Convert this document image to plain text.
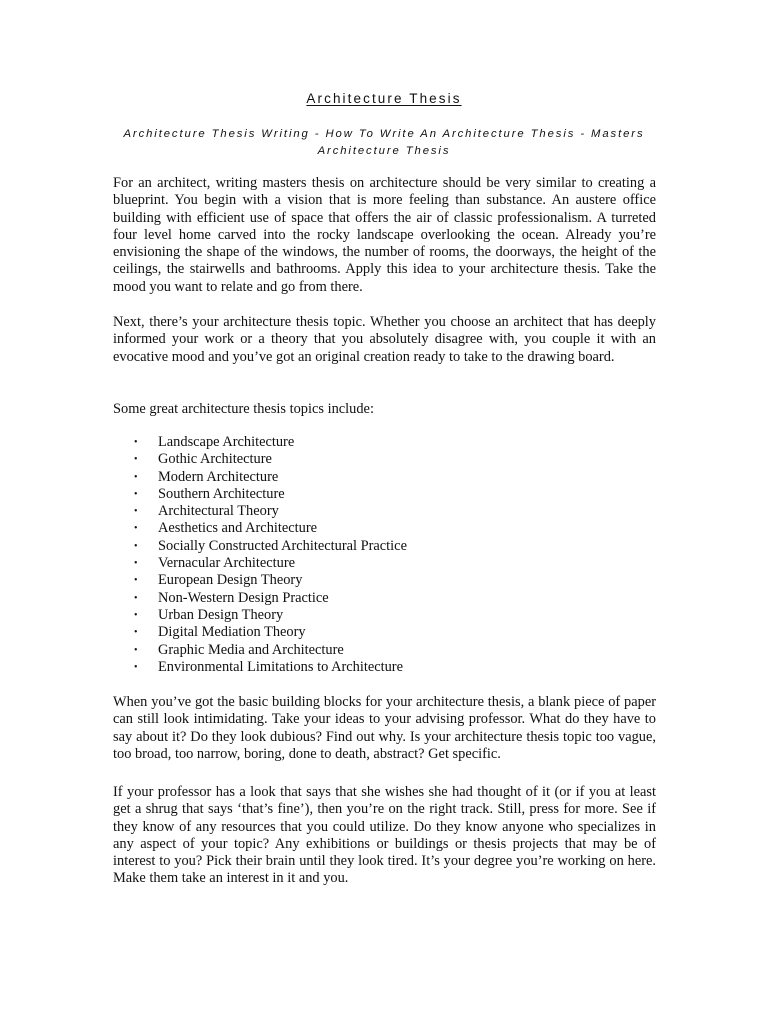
Architecture Thesis

Architecture Thesis Writing - How To Write An Architecture Thesis - Masters Architecture Thesis

For an architect, writing masters thesis on architecture should be very similar to creating a blueprint. You begin with a vision that is more feeling than substance. An austere office building with efficient use of space that offers the air of classic professionalism. A turreted four level home carved into the rocky landscape overlooking the ocean. Already you’re envisioning the shape of the windows, the number of rooms, the doorways, the height of the ceilings, the stairwells and bathrooms. Apply this idea to your architecture thesis. Take the mood you want to relate and go from there.

Next, there’s your architecture thesis topic. Whether you choose an architect that has deeply informed your work or a theory that you absolutely disagree with, you couple it with an evocative mood and you’ve got an original creation ready to take to the drawing board.

Some great architecture thesis topics include:

• Landscape Architecture
• Gothic Architecture
• Modern Architecture
• Southern Architecture
• Architectural Theory
• Aesthetics and Architecture
• Socially Constructed Architectural Practice
• Vernacular Architecture
• European Design Theory
• Non-Western Design Practice
• Urban Design Theory
• Digital Mediation Theory
• Graphic Media and Architecture
• Environmental Limitations to Architecture

When you’ve got the basic building blocks for your architecture thesis, a blank piece of paper can still look intimidating. Take your ideas to your advising professor. What do they have to say about it? Do they look dubious? Find out why. Is your architecture thesis topic too vague, too broad, too narrow, boring, done to death, abstract? Get specific.

If your professor has a look that says that she wishes she had thought of it (or if you at least get a shrug that says ‘that’s fine’), then you’re on the right track. Still, press for more. See if they know of any resources that you could utilize. Do they know anyone who specializes in any aspect of your topic? Any exhibitions or buildings or thesis projects that may be of interest to you? Pick their brain until they look tired. It’s your degree you’re working on here. Make them take an interest in it and you.
